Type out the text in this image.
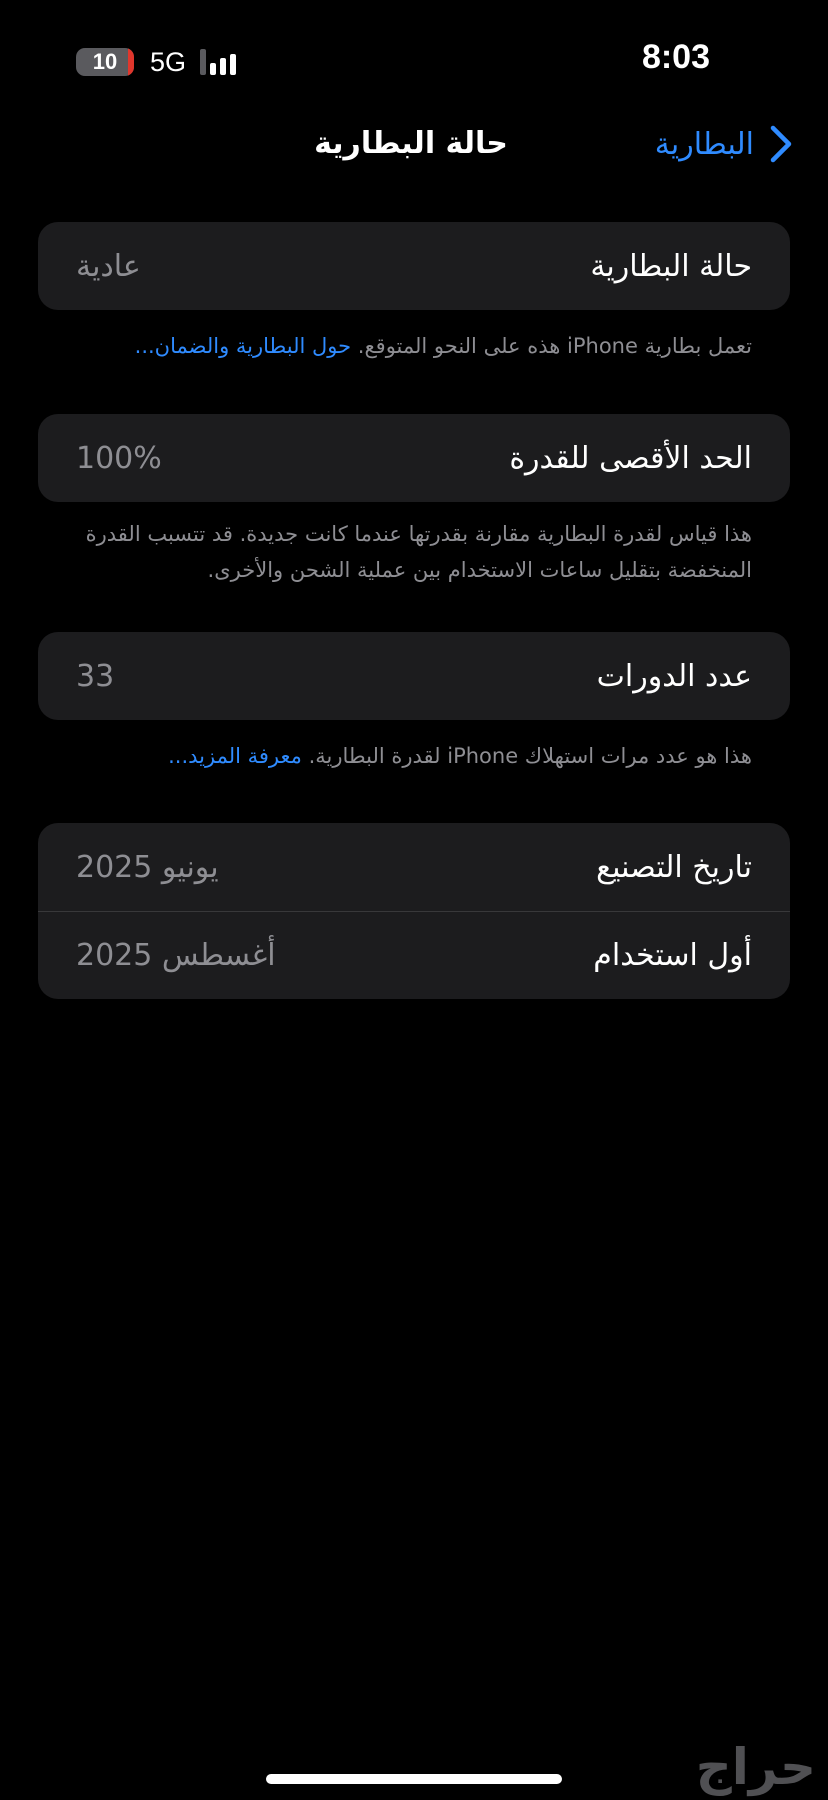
10 5G	8:03
حالة البطارية	البطارية
حالة البطارية
عادية
تعمل بطارية iPhone هذه على النحو المتوقع. حول البطارية والضمان...
الحد الأقصى للقدرة
100%
هذا قياس لقدرة البطارية مقارنة بقدرتها عندما كانت جديدة. قد تتسبب القدرة المنخفضة بتقليل ساعات الاستخدام بين عملية الشحن والأخرى.
عدد الدورات
33
هذا هو عدد مرات استهلاك iPhone لقدرة البطارية. معرفة المزيد...
تاريخ التصنيع
يونيو 2025
أول استخدام
أغسطس 2025
حراج
